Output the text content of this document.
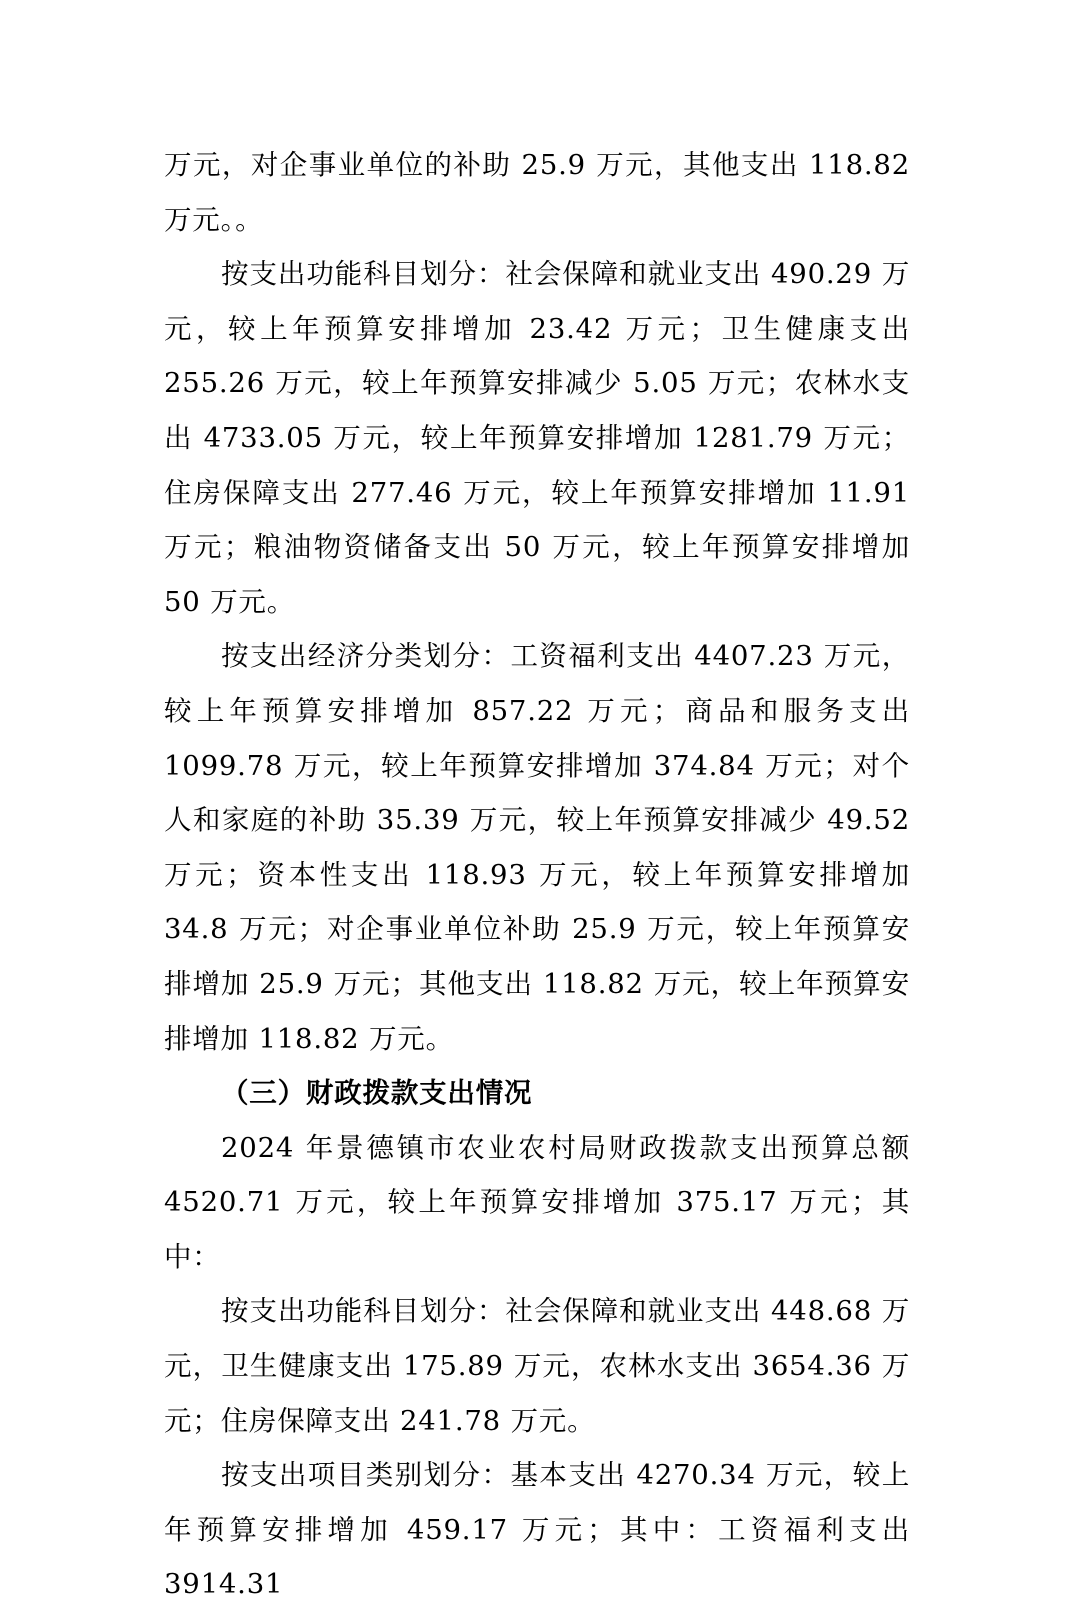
万元，对企事业单位的补助 25.9 万元，其他支出 118.82 万元。。

按支出功能科目划分：社会保障和就业支出 490.29 万元，较上年预算安排增加 23.42 万元；卫生健康支出 255.26 万元，较上年预算安排减少 5.05 万元；农林水支出 4733.05 万元，较上年预算安排增加 1281.79 万元；住房保障支出 277.46 万元，较上年预算安排增加 11.91 万元；粮油物资储备支出 50 万元，较上年预算安排增加 50 万元。

按支出经济分类划分：工资福利支出 4407.23 万元，较上年预算安排增加 857.22 万元；商品和服务支出 1099.78 万元，较上年预算安排增加 374.84 万元；对个人和家庭的补助 35.39 万元，较上年预算安排减少 49.52 万元；资本性支出 118.93 万元，较上年预算安排增加 34.8 万元；对企事业单位补助 25.9 万元，较上年预算安排增加 25.9 万元；其他支出 118.82 万元，较上年预算安排增加 118.82 万元。

（三）财政拨款支出情况

2024 年景德镇市农业农村局财政拨款支出预算总额 4520.71 万元，较上年预算安排增加 375.17 万元；其中：

按支出功能科目划分：社会保障和就业支出 448.68 万元，卫生健康支出 175.89 万元，农林水支出 3654.36 万元；住房保障支出 241.78 万元。

按支出项目类别划分：基本支出 4270.34 万元，较上年预算安排增加 459.17 万元；其中：工资福利支出 3914.31
